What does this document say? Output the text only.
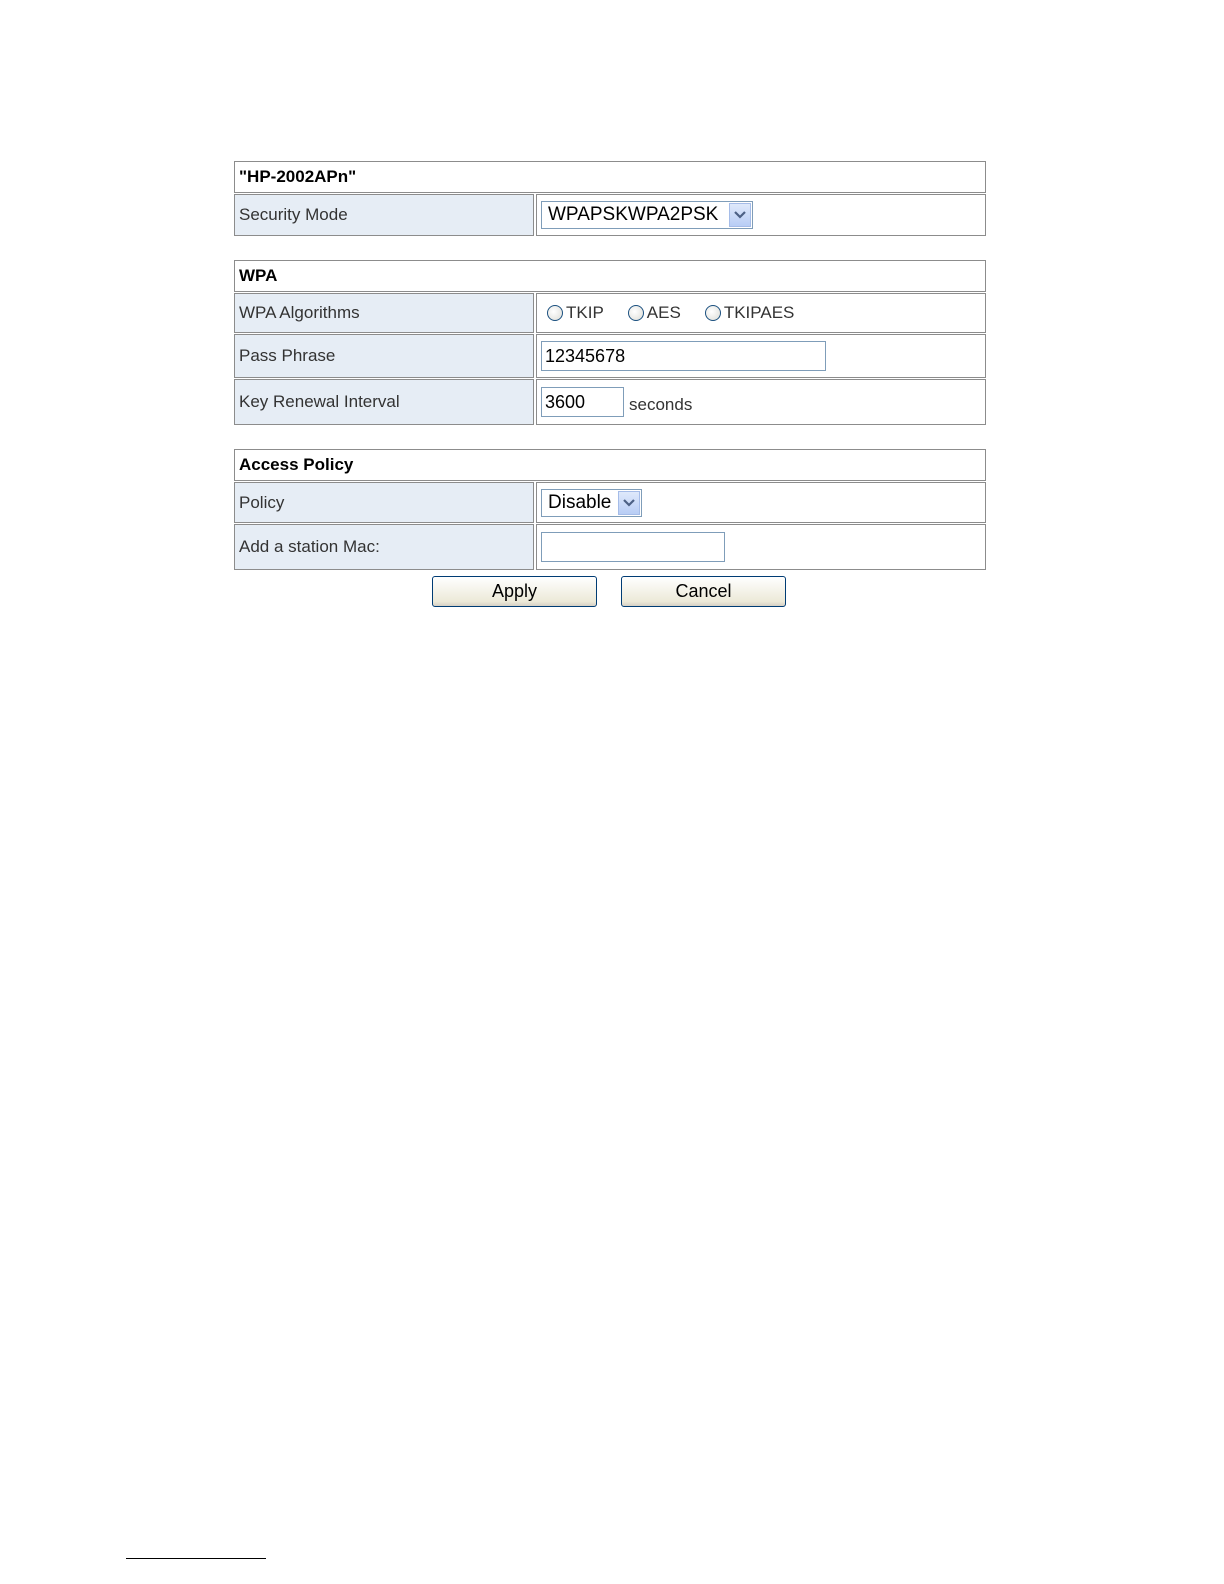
"HP-2002APn"
Security Mode	WPAPSKWPA2PSK
WPA
WPA Algorithms	TKIP	AES	TKIPAES
Pass Phrase	12345678
Key Renewal Interval	3600	seconds
Access Policy
Policy	Disable
Add a station Mac:
Apply	Cancel
